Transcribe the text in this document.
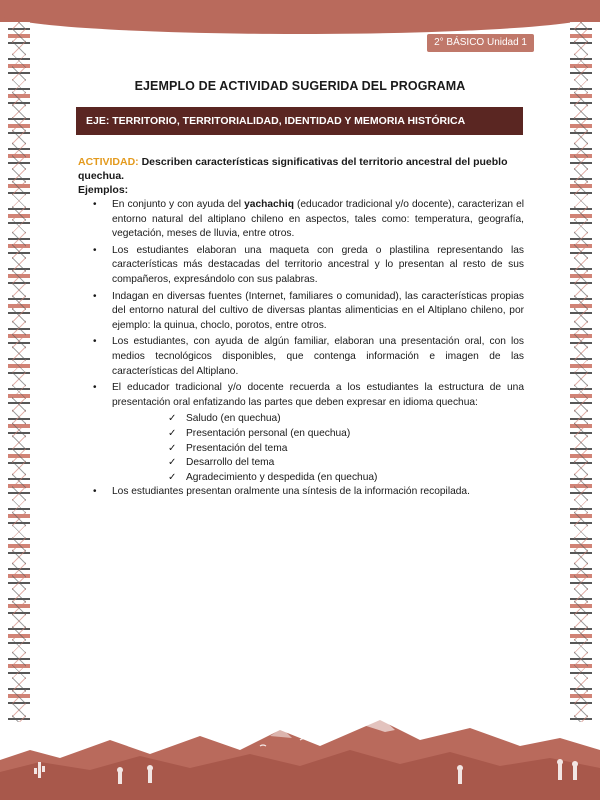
2° BÁSICO Unidad 1
EJEMPLO DE ACTIVIDAD SUGERIDA DEL PROGRAMA
EJE: TERRITORIO, TERRITORIALIDAD, IDENTIDAD Y MEMORIA HISTÓRICA
ACTIVIDAD: Describen características significativas del territorio ancestral del pueblo quechua.
Ejemplos:
• En conjunto y con ayuda del yachachiq (educador tradicional y/o docente), caracterizan el entorno natural del altiplano chileno en aspectos, tales como: temperatura, geografía, vegetación, meses de lluvia, entre otros.
• Los estudiantes elaboran una maqueta con greda o plastilina representando las características más destacadas del territorio ancestral y lo presentan al resto de sus compañeros, expresándolo con sus palabras.
• Indagan en diversas fuentes (Internet, familiares o comunidad), las características propias del entorno natural del cultivo de diversas plantas alimenticias en el Altiplano chileno, por ejemplo: la quinua, choclo, porotos, entre otros.
• Los estudiantes, con ayuda de algún familiar, elaboran una presentación oral, con los medios tecnológicos disponibles, que contenga información e imagen de las características del Altiplano.
• El educador tradicional y/o docente recuerda a los estudiantes la estructura de una presentación oral enfatizando las partes que deben expresar en idioma quechua:
✓ Saludo (en quechua)
✓ Presentación personal (en quechua)
✓ Presentación del tema
✓ Desarrollo del tema
✓ Agradecimiento y despedida (en quechua)
• Los estudiantes presentan oralmente una síntesis de la información recopilada.
